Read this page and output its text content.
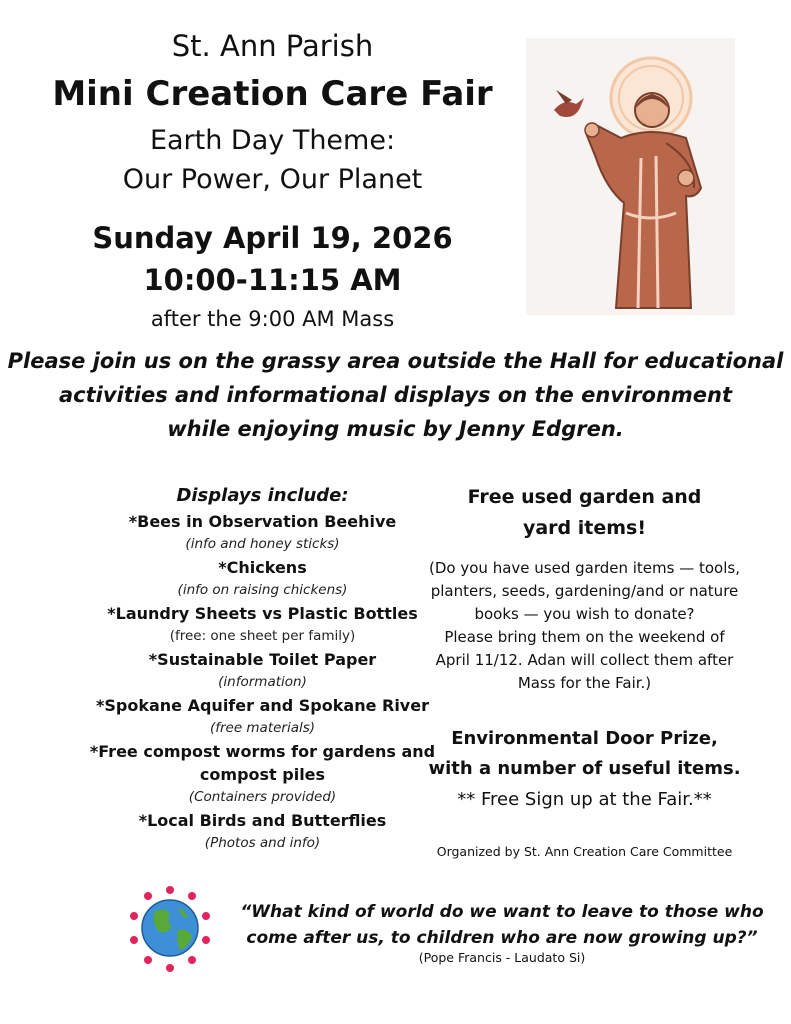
St. Ann Parish
Mini Creation Care Fair
Earth Day Theme:
Our Power, Our Planet
Sunday April 19, 2026
10:00-11:15 AM
after the 9:00 AM Mass
Please join us on the grassy area outside the Hall for educational
activities and informational displays on the environment
while enjoying music by Jenny Edgren.
Displays include:
*Bees in Observation Beehive
(info and honey sticks)
*Chickens
(info on raising chickens)
*Laundry Sheets vs Plastic Bottles
(free: one sheet per family)
*Sustainable Toilet Paper
(information)
*Spokane Aquifer and Spokane River
(free materials)
*Free compost worms for gardens and
compost piles
(Containers provided)
*Local Birds and Butterflies
(Photos and info)
Free used garden and
yard items!
(Do you have used garden items — tools,
planters, seeds, gardening/and or nature
books — you wish to donate?
Please bring them on the weekend of
April 11/12. Adan will collect them after
Mass for the Fair.)
Environmental Door Prize,
with a number of useful items.
** Free Sign up at the Fair.**
Organized by St. Ann Creation Care Committee
“What kind of world do we want to leave to those who
come after us, to children who are now growing up?”
(Pope Francis - Laudato Si)
